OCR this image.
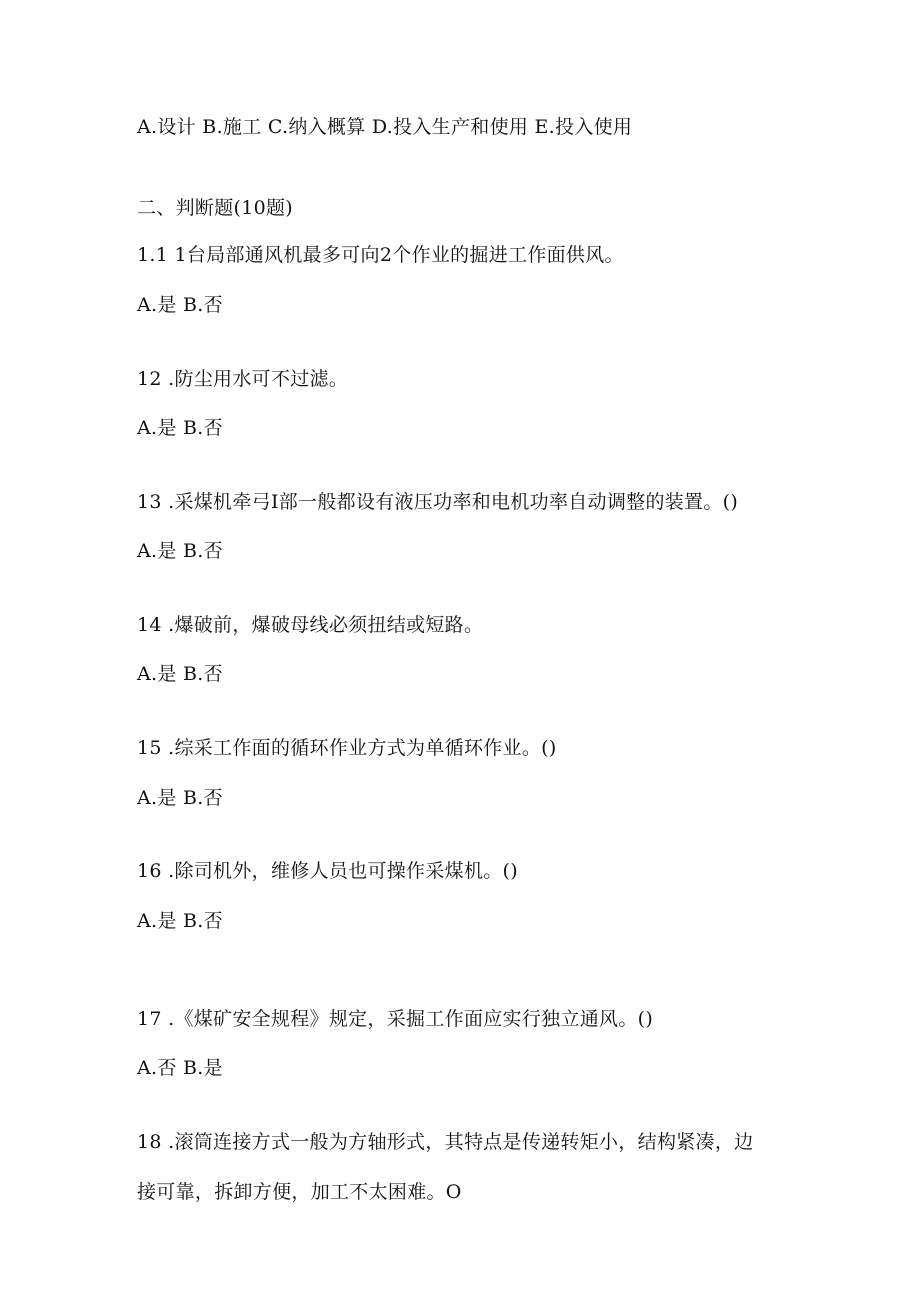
A.设计 B.施工 C.纳入概算 D.投入生产和使用 E.投入使用
二、判断题(10题)
1.1 1台局部通风机最多可向2个作业的掘进工作面供风。
A.是 B.否
12 .防尘用水可不过滤。
A.是 B.否
13 .采煤机牵弓I部一般都设有液压功率和电机功率自动调整的装置。()
A.是 B.否
14 .爆破前，爆破母线必须扭结或短路。
A.是 B.否
15 .综采工作面的循环作业方式为单循环作业。()
A.是 B.否
16 .除司机外，维修人员也可操作采煤机。()
A.是 B.否
17 .《煤矿安全规程》规定，采掘工作面应实行独立通风。()
A.否 B.是
18 .滚筒连接方式一般为方轴形式，其特点是传递转矩小，结构紧凑，边
接可靠，拆卸方便，加工不太困难。O
